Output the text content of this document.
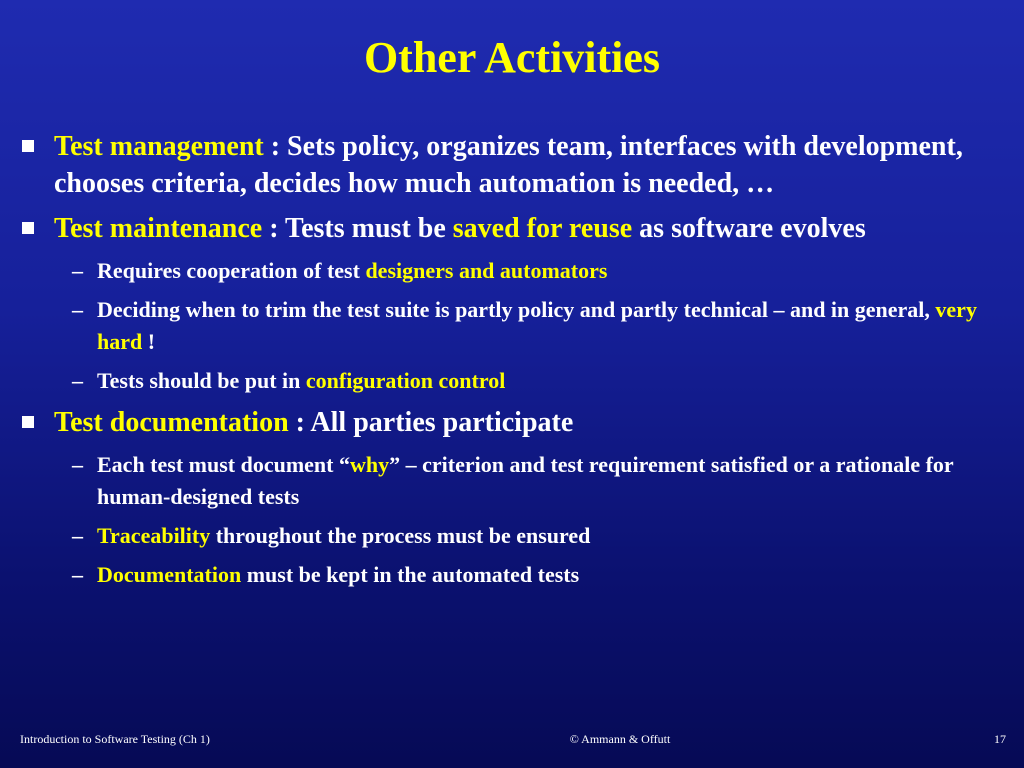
Other Activities
Test management : Sets policy, organizes team, interfaces with development, chooses criteria, decides how much automation is needed, …
Test maintenance : Tests must be saved for reuse as software evolves
– Requires cooperation of test designers and automators
– Deciding when to trim the test suite is partly policy and partly technical – and in general, very hard !
– Tests should be put in configuration control
Test documentation : All parties participate
– Each test must document “why” – criterion and test requirement satisfied or a rationale for human-designed tests
– Traceability throughout the process must be ensured
– Documentation must be kept in the automated tests
Introduction to Software Testing (Ch 1)	© Ammann & Offutt	17
